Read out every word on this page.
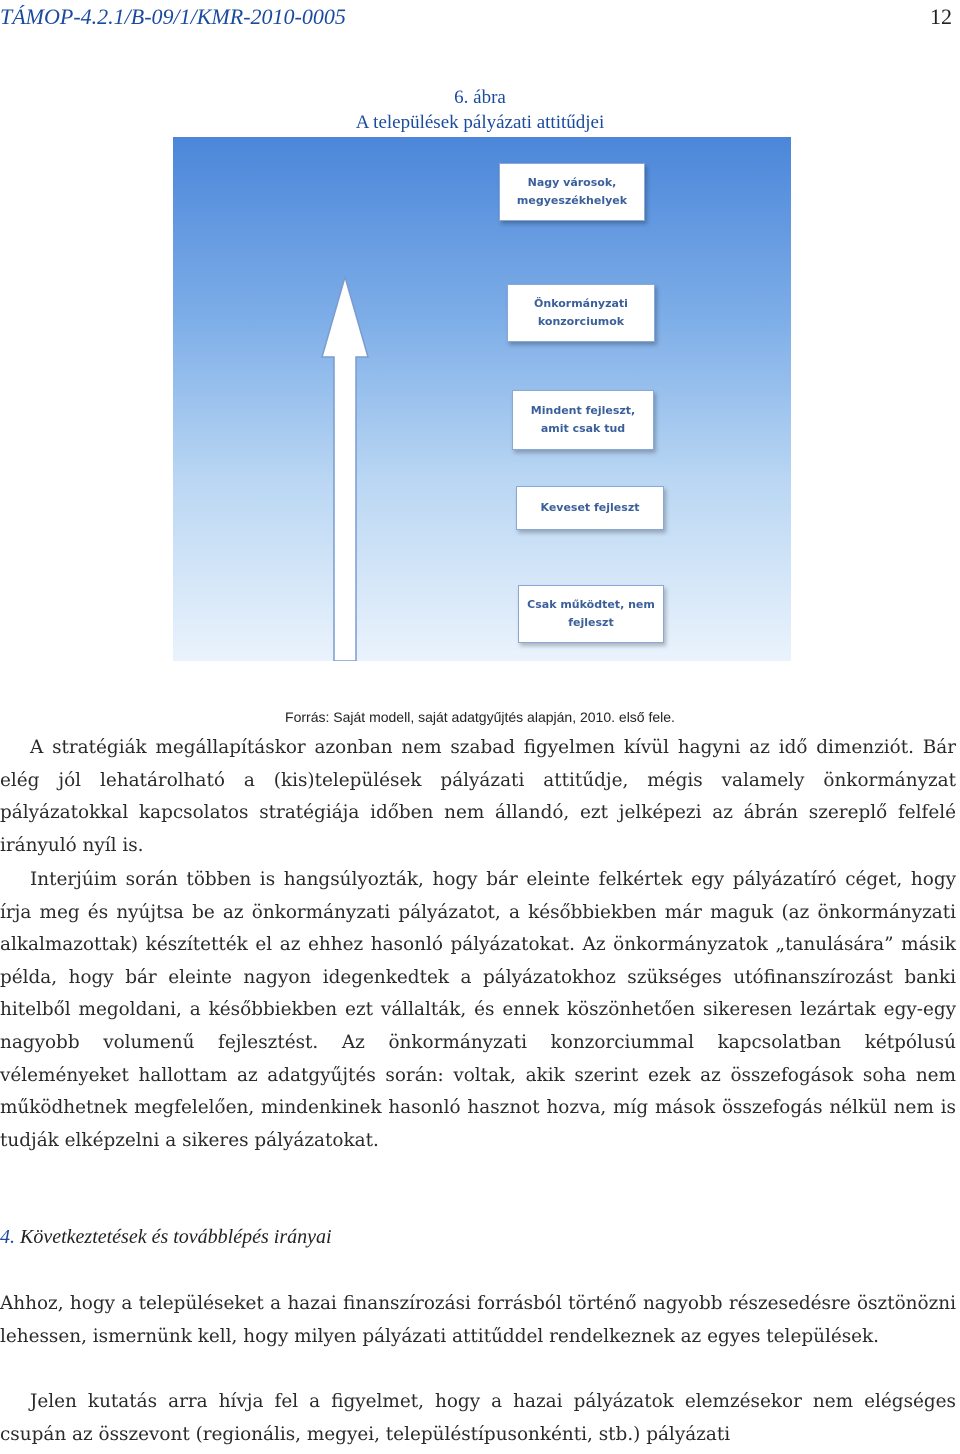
TÁMOP-4.2.1/B-09/1/KMR-2010-0005	12
6. ábra
A települések pályázati attitűdjei
Nagy városok,
megyeszékhelyek
Önkormányzati
konzorciumok
Mindent fejleszt,
amit csak tud
Keveset fejleszt
Csak működtet, nem
fejleszt
Forrás: Saját modell, saját adatgyűjtés alapján, 2010. első fele.

A stratégiák megállapításkor azonban nem szabad figyelmen kívül hagyni az idő dimenziót. Bár elég jól lehatárolható a (kis)települések pályázati attitűdje, mégis valamely önkormányzat pályázatokkal kapcsolatos stratégiája időben nem állandó, ezt jelképezi az ábrán szereplő felfelé irányuló nyíl is.

Interjúim során többen is hangsúlyozták, hogy bár eleinte felkértek egy pályázatíró céget, hogy írja meg és nyújtsa be az önkormányzati pályázatot, a későbbiekben már maguk (az önkormányzati alkalmazottak) készítették el az ehhez hasonló pályázatokat. Az önkormányzatok „tanulására” másik példa, hogy bár eleinte nagyon idegenkedtek a pályázatokhoz szükséges utófinanszírozást banki hitelből megoldani, a későbbiekben ezt vállalták, és ennek köszönhetően sikeresen lezártak egy-egy nagyobb volumenű fejlesztést. Az önkormányzati konzorciummal kapcsolatban kétpólusú véleményeket hallottam az adatgyűjtés során: voltak, akik szerint ezek az összefogások soha nem működhetnek megfelelően, mindenkinek hasonló hasznot hozva, míg mások összefogás nélkül nem is tudják elképzelni a sikeres pályázatokat.

4. Következtetések és továbblépés irányai

Ahhoz, hogy a településeket a hazai finanszírozási forrásból történő nagyobb részesedésre ösztönözni lehessen, ismernünk kell, hogy milyen pályázati attitűddel rendelkeznek az egyes települések.

Jelen kutatás arra hívja fel a figyelmet, hogy a hazai pályázatok elemzésekor nem elégséges csupán az összevont (regionális, megyei, településtípusonkénti, stb.) pályázati
